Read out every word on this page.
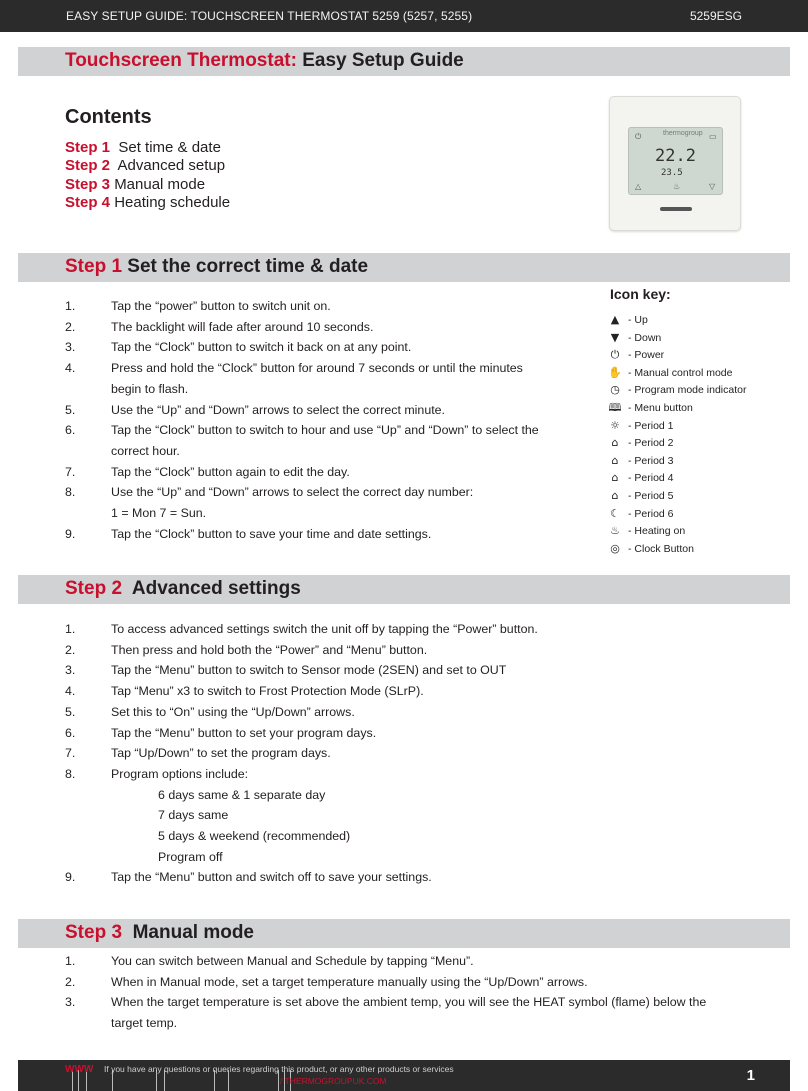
EASY SETUP GUIDE: TOUCHSCREEN THERMOSTAT 5259 (5257, 5255)	5259ESG
Touchscreen Thermostat: Easy Setup Guide
Contents
Step 1 Set time & date
Step 2 Advanced setup
Step 3 Manual mode
Step 4 Heating schedule
thermogroup
22.2
23.5
⏻	▭
△	▽
♨
Step 1 Set the correct time & date
1.	Tap the “power” button to switch unit on.
2.	The backlight will fade after around 10 seconds.
3.	Tap the “Clock” button to switch it back on at any point.
4.	Press and hold the “Clock” button for around 7 seconds or until the minutes begin to flash.
5.	Use the “Up” and “Down” arrows to select the correct minute.
6.	Tap the “Clock” button to switch to hour and use “Up” and “Down” to select the correct hour.
7.	Tap the “Clock” button again to edit the day.
8.	Use the “Up” and “Down” arrows to select the correct day number:
1 = Mon 7 = Sun.
9.	Tap the “Clock” button to save your time and date settings.
Icon key:
▲ - Up
▼ - Down
⏻ - Power
✋ - Manual control mode
◷ - Program mode indicator
🕮 - Menu button
☼ - Period 1
⌂ - Period 2
⌂ - Period 3
⌂ - Period 4
⌂ - Period 5
☾ - Period 6
♨ - Heating on
◎ - Clock Button
Step 2  Advanced settings
1.	To access advanced settings switch the unit off by tapping the “Power” button.
2.	Then press and hold both the “Power” and “Menu” button.
3.	Tap the “Menu” button to switch to Sensor mode (2SEN) and set to OUT
4.	Tap “Menu” x3 to switch to Frost Protection Mode (SLrP).
5.	Set this to “On” using the “Up/Down” arrows.
6.	Tap the “Menu” button to set your program days.
7.	Tap “Up/Down” to set the program days.
8.	Program options include:
6 days same & 1 separate day
7 days same
5 days & weekend (recommended)
Program off
9.	Tap the “Menu” button and switch off to save your settings.
Step 3  Manual mode
1.	You can switch between Manual and Schedule by tapping “Menu”.
2.	When in Manual mode, set a target temperature manually using the “Up/Down” arrows.
3.	When the target temperature is set above the ambient temp, you will see the HEAT symbol (flame) below the target temp.
WWW If you have any questions or queries regarding this product, or any other products or services
/ THERMOGROUPUK.COM	1
